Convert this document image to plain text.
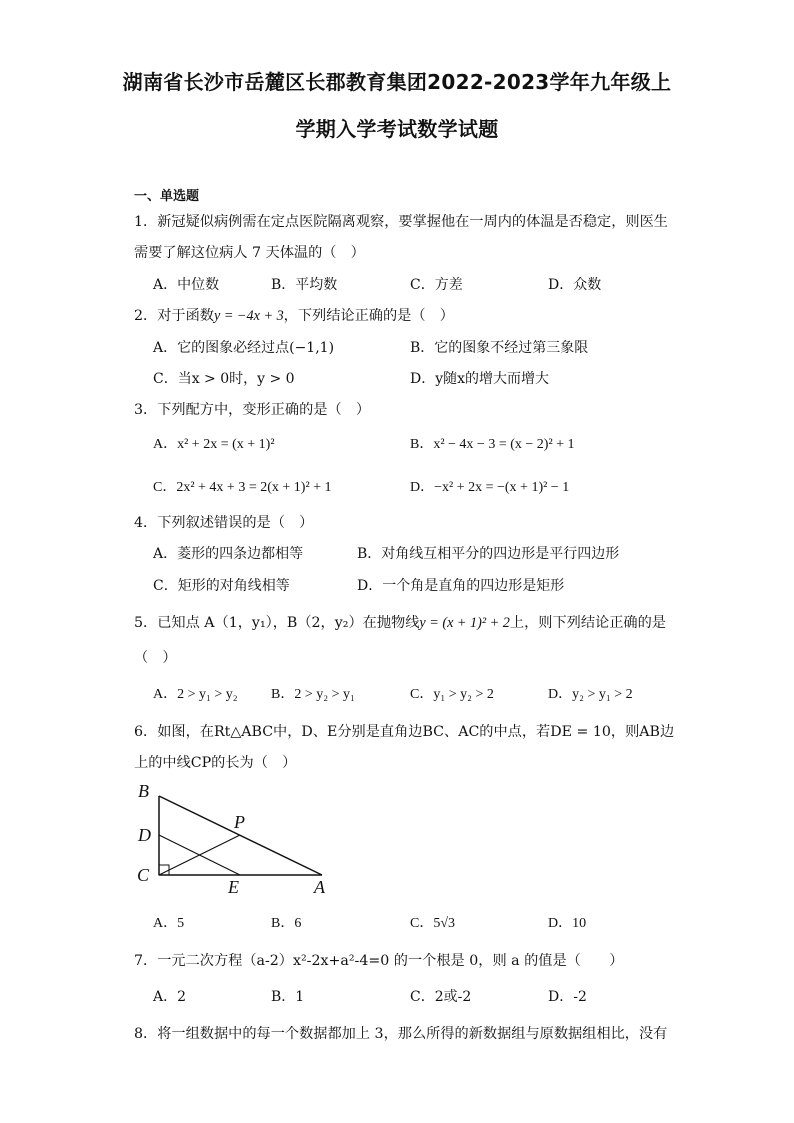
湖南省长沙市岳麓区长郡教育集团2022-2023学年九年级上
学期入学考试数学试题
一、单选题
1．新冠疑似病例需在定点医院隔离观察，要掌握他在一周内的体温是否稳定，则医生
需要了解这位病人 7 天体温的（　）
A．中位数	B．平均数	C．方差	D．众数
2．对于函数y = −4x + 3，下列结论正确的是（　）
A．它的图象必经过点(−1,1)	B．它的图象不经过第三象限
C．当x > 0时，y > 0	D．y随x的增大而增大
3．下列配方中，变形正确的是（　）
A．x² + 2x = (x + 1)²	B．x² − 4x − 3 = (x − 2)² + 1
C．2x² + 4x + 3 = 2(x + 1)² + 1	D．−x² + 2x = −(x + 1)² − 1
4．下列叙述错误的是（　）
A．菱形的四条边都相等	B．对角线互相平分的四边形是平行四边形
C．矩形的对角线相等	D．一个角是直角的四边形是矩形
5．已知点 A（1，y₁），B（2，y₂）在抛物线y = (x + 1)² + 2上，则下列结论正确的是
（　）
A．2 > y₁ > y₂ B．2 > y₂ > y₁	C．y₁ > y₂ > 2	D．y₂ > y₁ > 2
6．如图，在Rt△ABC中，D、E分别是直角边BC、AC的中点，若DE = 10，则AB边
上的中线CP的长为（　）
B
D
C
E	A
P
A．5	B．6	C．5√3	D．10
7．一元二次方程（a-2）x²-2x+a²-4=0 的一个根是 0，则 a 的值是（　　）
A．2	B．1	C．2或-2	D．-2
8．将一组数据中的每一个数据都加上 3，那么所得的新数据组与原数据组相比，没有
